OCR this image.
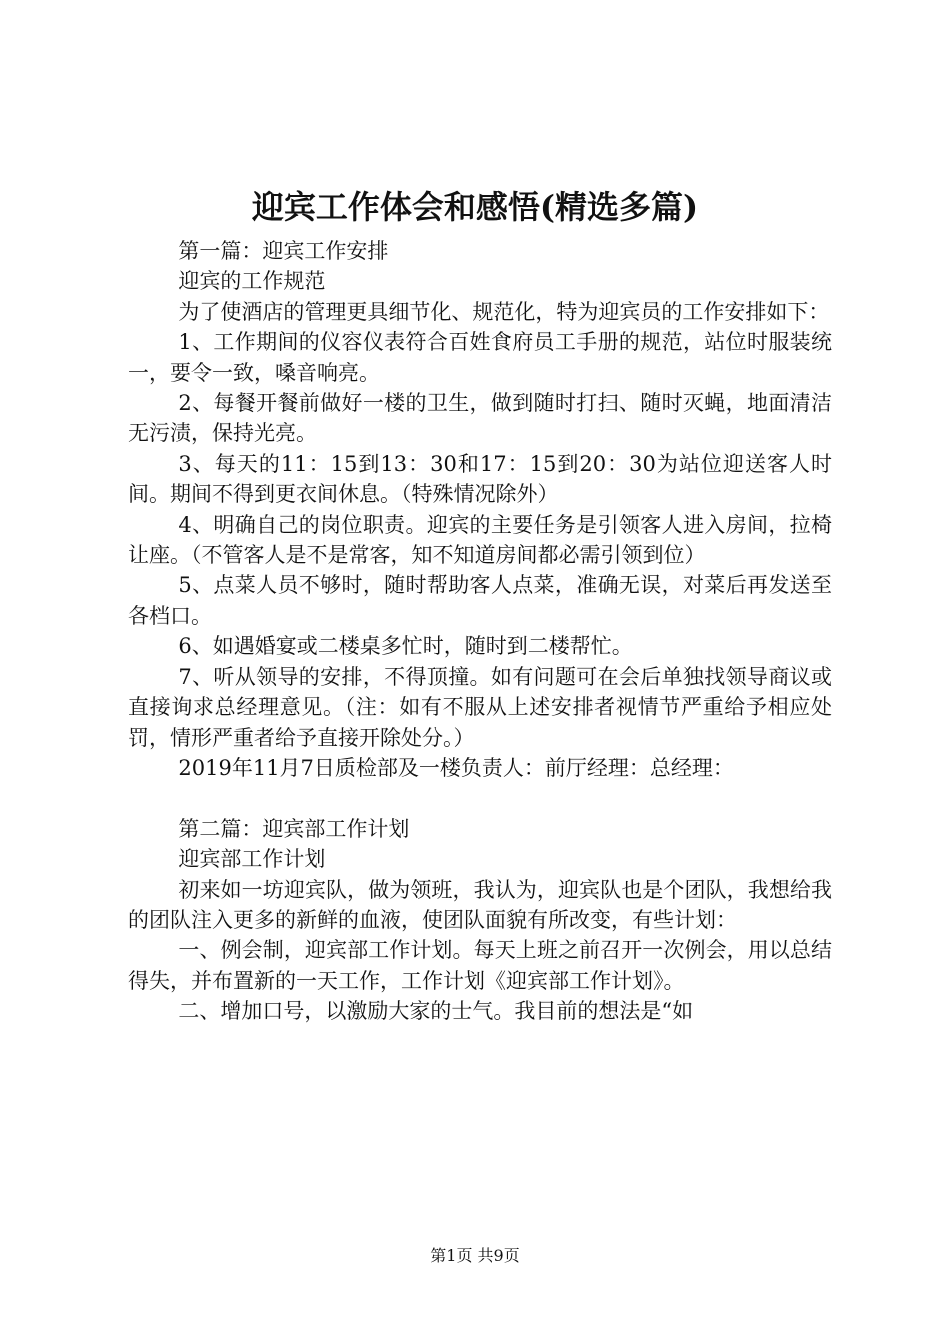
迎宾工作体会和感悟(精选多篇)

第一篇：迎宾工作安排

迎宾的工作规范

为了使酒店的管理更具细节化、规范化，特为迎宾员的工作安排如下：

1、工作期间的仪容仪表符合百姓食府员工手册的规范，站位时服装统一，要令一致，嗓音响亮。

2、每餐开餐前做好一楼的卫生，做到随时打扫、随时灭蝇，地面清洁无污渍，保持光亮。

3、每天的11：15到13：30和17：15到20：30为站位迎送客人时间。期间不得到更衣间休息。（特殊情况除外）

4、明确自己的岗位职责。迎宾的主要任务是引领客人进入房间，拉椅让座。（不管客人是不是常客，知不知道房间都必需引领到位）

5、点菜人员不够时，随时帮助客人点菜，准确无误，对菜后再发送至各档口。

6、如遇婚宴或二楼桌多忙时，随时到二楼帮忙。

7、听从领导的安排，不得顶撞。如有问题可在会后单独找领导商议或直接询求总经理意见。（注：如有不服从上述安排者视情节严重给予相应处罚，情形严重者给予直接开除处分。）

2019年11月7日质检部及一楼负责人：前厅经理：总经理：

第二篇：迎宾部工作计划

迎宾部工作计划

初来如一坊迎宾队，做为领班，我认为，迎宾队也是个团队，我想给我的团队注入更多的新鲜的血液，使团队面貌有所改变，有些计划：

一、例会制，迎宾部工作计划。每天上班之前召开一次例会，用以总结得失，并布置新的一天工作，工作计划《迎宾部工作计划》。

二、增加口号，以激励大家的士气。我目前的想法是“如

第1页 共9页
